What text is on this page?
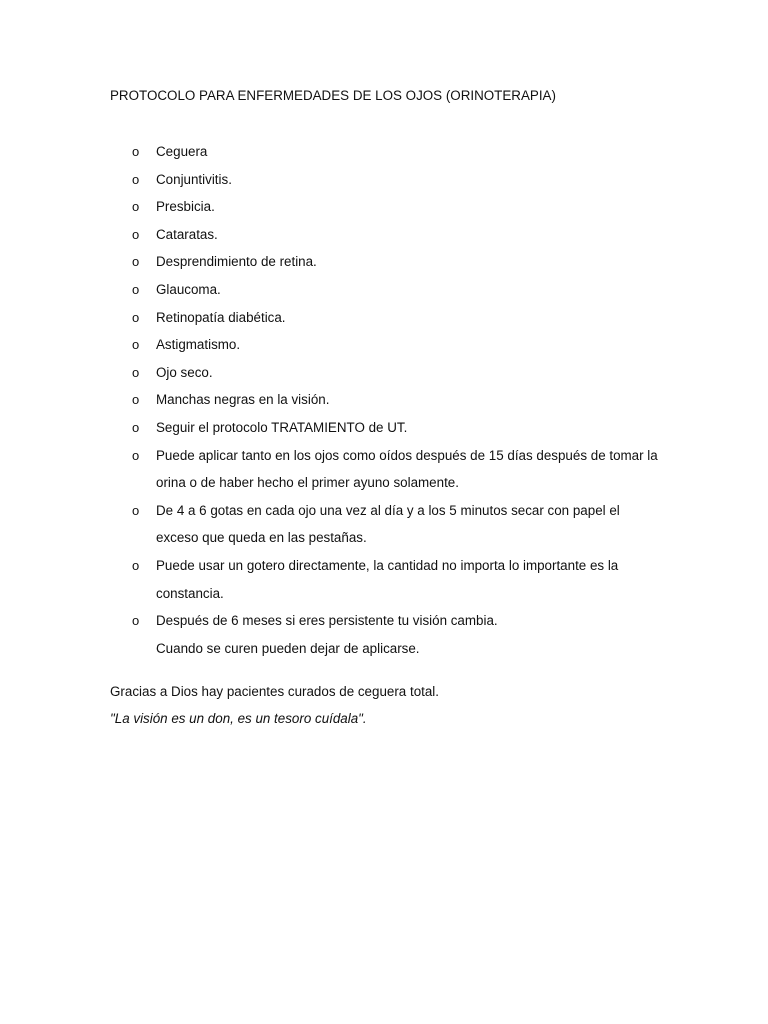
PROTOCOLO PARA ENFERMEDADES DE LOS OJOS (ORINOTERAPIA)
o Ceguera
o Conjuntivitis.
o Presbicia.
o Cataratas.
o Desprendimiento de retina.
o Glaucoma.
o Retinopatía diabética.
o Astigmatismo.
o Ojo seco.
o Manchas negras en la visión.
o Seguir el protocolo TRATAMIENTO de UT.
o Puede aplicar tanto en los ojos como oídos después de 15 días después de tomar la orina o de haber hecho el primer ayuno solamente.
o De 4 a 6 gotas en cada ojo una vez al día y a los 5 minutos secar con papel el exceso que queda en las pestañas.
o Puede usar un gotero directamente, la cantidad no importa lo importante es la constancia.
o Después de 6 meses si eres persistente tu visión cambia.
Cuando se curen pueden dejar de aplicarse.

Gracias a Dios hay pacientes curados de ceguera total.

"La visión es un don, es un tesoro cuídala".
